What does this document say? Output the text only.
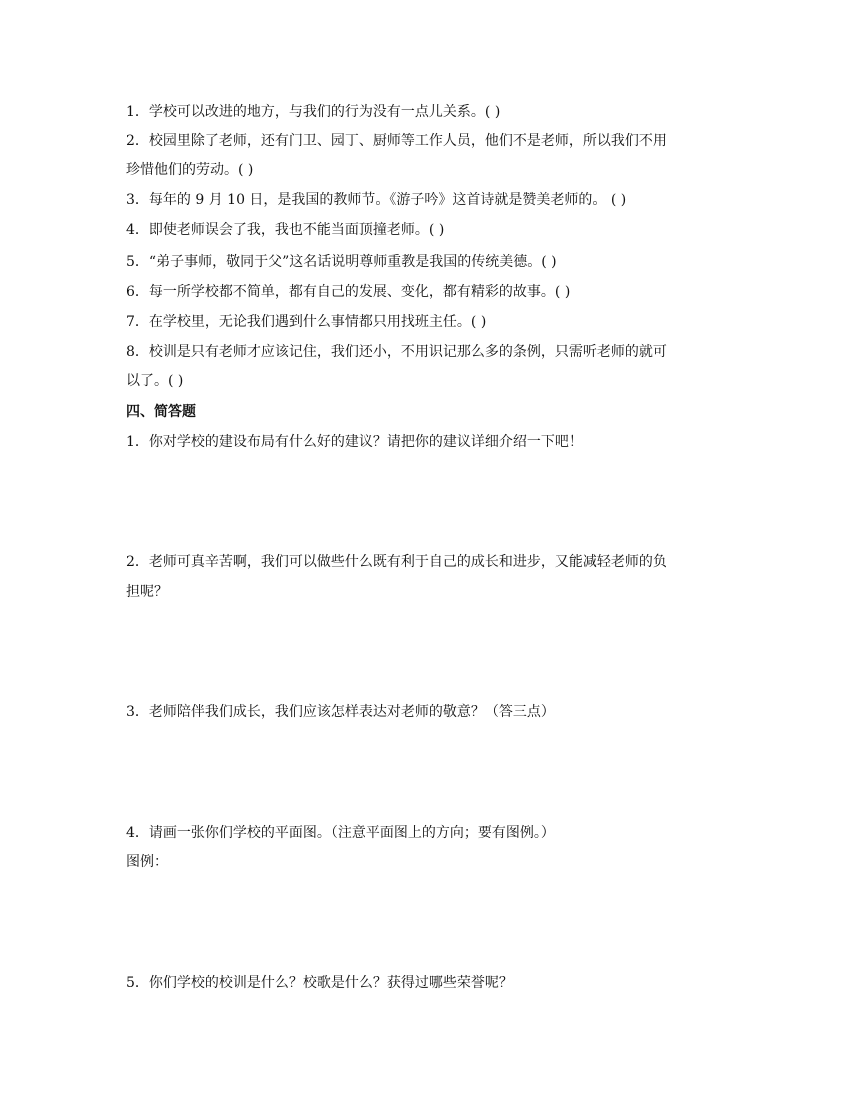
1．学校可以改进的地方，与我们的行为没有一点儿关系。( )
2．校园里除了老师，还有门卫、园丁、厨师等工作人员，他们不是老师，所以我们不用
珍惜他们的劳动。( )
3．每年的 9 月 10 日，是我国的教师节。《游子吟》这首诗就是赞美老师的。 ( )
4．即使老师误会了我，我也不能当面顶撞老师。( )
5．“弟子事师，敬同于父”这名话说明尊师重教是我国的传统美德。( )
6．每一所学校都不简单，都有自己的发展、变化，都有精彩的故事。( )
7．在学校里，无论我们遇到什么事情都只用找班主任。( )
8．校训是只有老师才应该记住，我们还小，不用识记那么多的条例，只需听老师的就可
以了。( )
四、简答题
1．你对学校的建设布局有什么好的建议？请把你的建议详细介绍一下吧！
2．老师可真辛苦啊，我们可以做些什么既有利于自己的成长和进步，又能减轻老师的负
担呢？
3．老师陪伴我们成长，我们应该怎样表达对老师的敬意？（答三点）
4．请画一张你们学校的平面图。（注意平面图上的方向；要有图例。）
图例：
5．你们学校的校训是什么？校歌是什么？获得过哪些荣誉呢？
